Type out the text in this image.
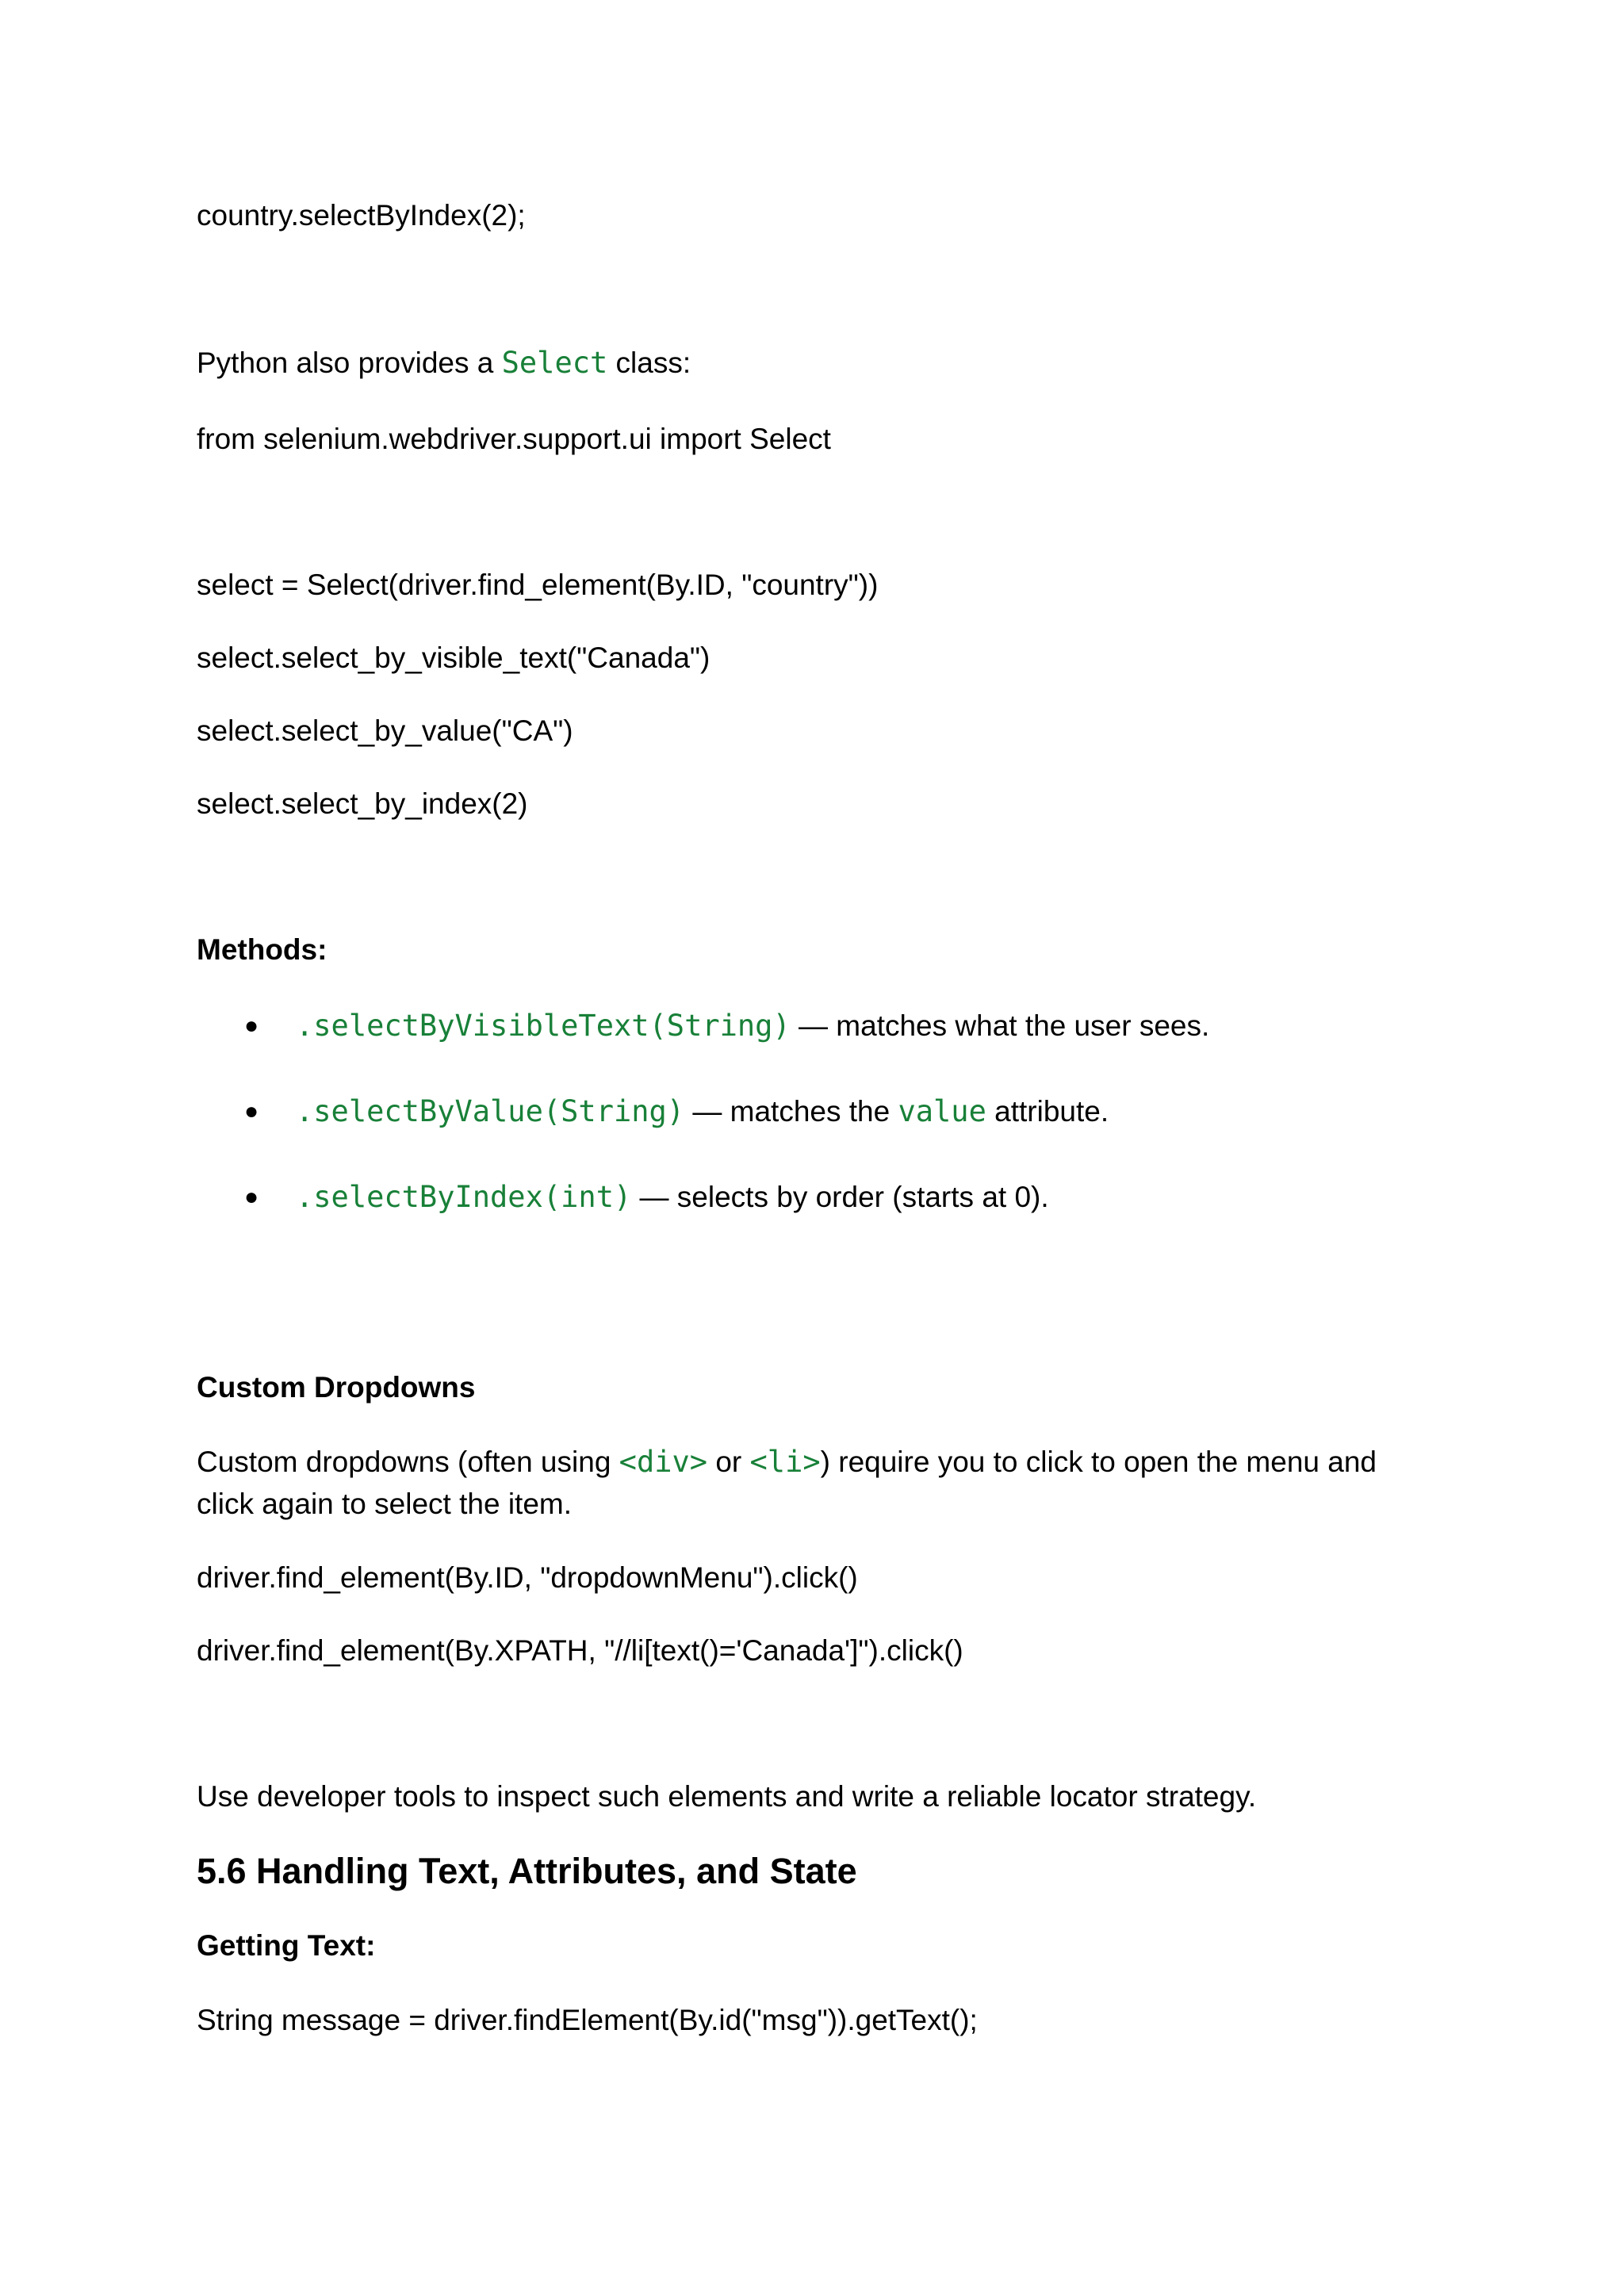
country.selectByIndex(2);

Python also provides a Select class:

from selenium.webdriver.support.ui import Select

select = Select(driver.find_element(By.ID, "country"))

select.select_by_visible_text("Canada")

select.select_by_value("CA")

select.select_by_index(2)

Methods:

● .selectByVisibleText(String) — matches what the user sees.
● .selectByValue(String) — matches the value attribute.
● .selectByIndex(int) — selects by order (starts at 0).

Custom Dropdowns

Custom dropdowns (often using <div> or <li>) require you to click to open the menu and click again to select the item.

driver.find_element(By.ID, "dropdownMenu").click()

driver.find_element(By.XPATH, "//li[text()='Canada']").click()

Use developer tools to inspect such elements and write a reliable locator strategy.

5.6 Handling Text, Attributes, and State

Getting Text:

String message = driver.findElement(By.id("msg")).getText();
